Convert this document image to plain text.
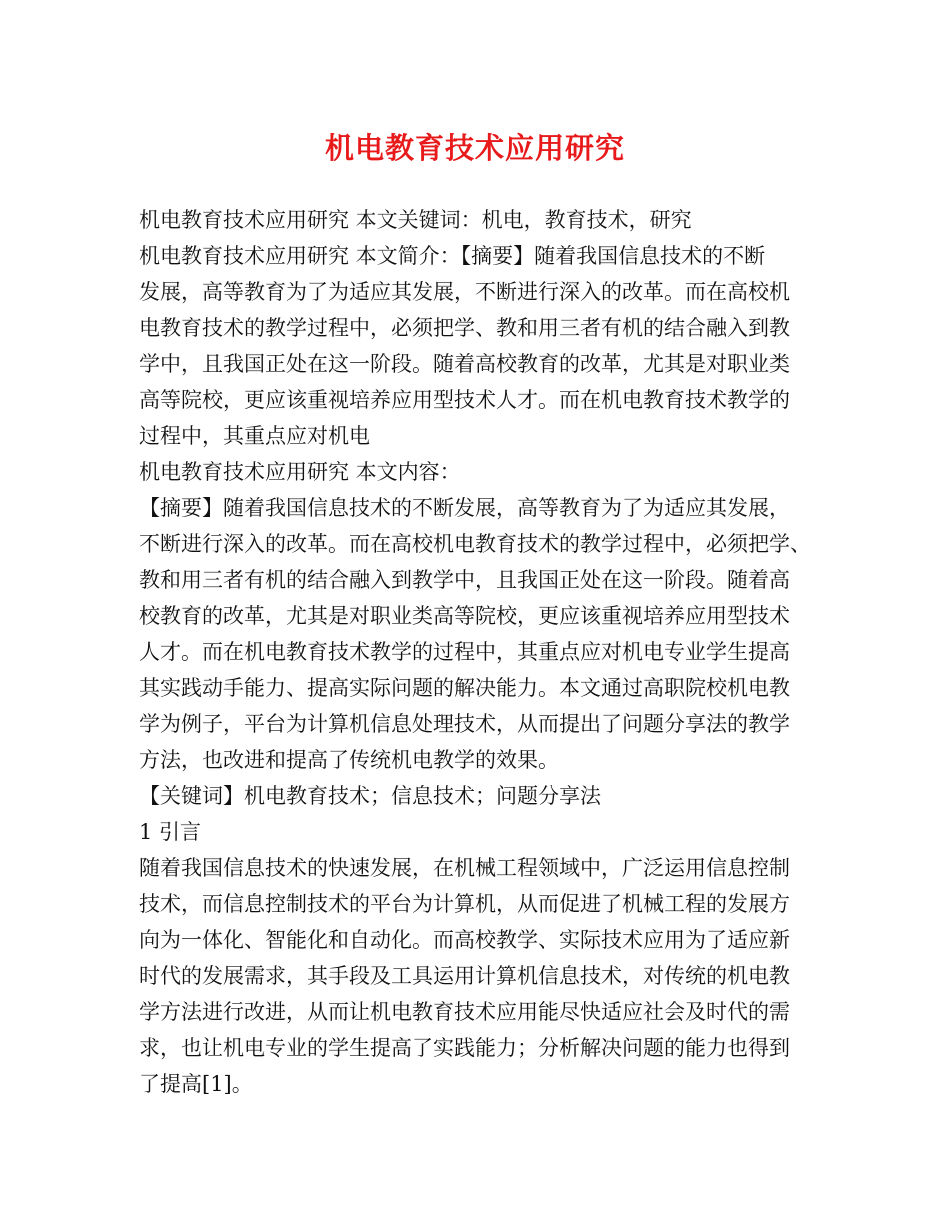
机电教育技术应用研究

机电教育技术应用研究 本文关键词：机电，教育技术，研究

机电教育技术应用研究 本文简介：【摘要】随着我国信息技术的不断
发展，高等教育为了为适应其发展，不断进行深入的改革。而在高校机
电教育技术的教学过程中，必须把学、教和用三者有机的结合融入到教
学中，且我国正处在这一阶段。随着高校教育的改革，尤其是对职业类
高等院校，更应该重视培养应用型技术人才。而在机电教育技术教学的
过程中，其重点应对机电

机电教育技术应用研究 本文内容：

【摘要】随着我国信息技术的不断发展，高等教育为了为适应其发展，
不断进行深入的改革。而在高校机电教育技术的教学过程中，必须把学、
教和用三者有机的结合融入到教学中，且我国正处在这一阶段。随着高
校教育的改革，尤其是对职业类高等院校，更应该重视培养应用型技术
人才。而在机电教育技术教学的过程中，其重点应对机电专业学生提高
其实践动手能力、提高实际问题的解决能力。本文通过高职院校机电教
学为例子，平台为计算机信息处理技术，从而提出了问题分享法的教学
方法，也改进和提高了传统机电教学的效果。

【关键词】机电教育技术；信息技术；问题分享法

1 引言

随着我国信息技术的快速发展，在机械工程领域中，广泛运用信息控制
技术，而信息控制技术的平台为计算机，从而促进了机械工程的发展方
向为一体化、智能化和自动化。而高校教学、实际技术应用为了适应新
时代的发展需求，其手段及工具运用计算机信息技术，对传统的机电教
学方法进行改进，从而让机电教育技术应用能尽快适应社会及时代的需
求，也让机电专业的学生提高了实践能力；分析解决问题的能力也得到
了提高[1]。
